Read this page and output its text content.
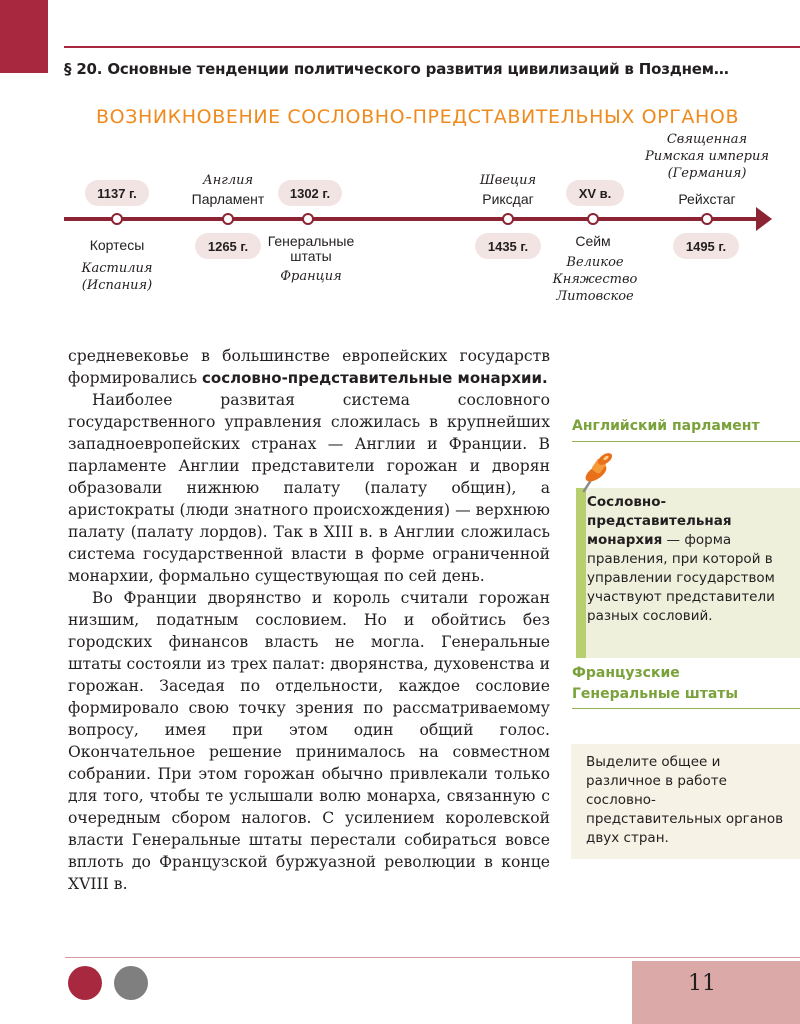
§ 20. Основные тенденции политического развития цивилизаций в Позднем…
ВОЗНИКНОВЕНИЕ СОСЛОВНО-ПРЕДСТАВИТЕЛЬНЫХ ОРГАНОВ
1137 г.
1265 г.
1302 г.
1435 г.
XV в.
1495 г.
Кортесы
Кастилия
(Испания)
Англия
Парламент
Генеральные
штаты
Франция
Швеция
Риксдаг
Сейм
Великое
Княжество
Литовское
Священная
Римская империя
(Германия)
Рейхстаг

средневековье в большинстве европейских государств формировались сословно-представительные монархии.

Наиболее развитая система сословного государственного управления сложилась в крупнейших западноевропейских странах — Англии и Франции. В парламенте Англии представители горожан и дворян образовали нижнюю палату (палату общин), а аристократы (люди знатного происхождения) — верхнюю палату (палату лордов). Так в XIII в. в Англии сложилась система государственной власти в форме ограниченной монархии, формально существующая по сей день.

Во Франции дворянство и король считали горожан низшим, податным сословием. Но и обойтись без городских финансов власть не могла. Генеральные штаты состояли из трех палат: дворянства, духовенства и горожан. Заседая по отдельности, каждое сословие формировало свою точку зрения по рассматриваемому вопросу, имея при этом один общий голос. Окончательное решение принималось на совместном собрании. При этом горожан обычно привлекали только для того, чтобы те услышали волю монарха, связанную с очередным сбором налогов. С усилением королевской власти Генеральные штаты перестали собираться вовсе вплоть до Французской буржуазной революции в конце XVIII в.

Английский парламент
Сословно-представительная монархия — форма правления, при которой в управлении государством участвуют представители разных сословий.
Французские
Генеральные штаты
Выделите общее и различное в работе сословно-представительных органов двух стран.
11
